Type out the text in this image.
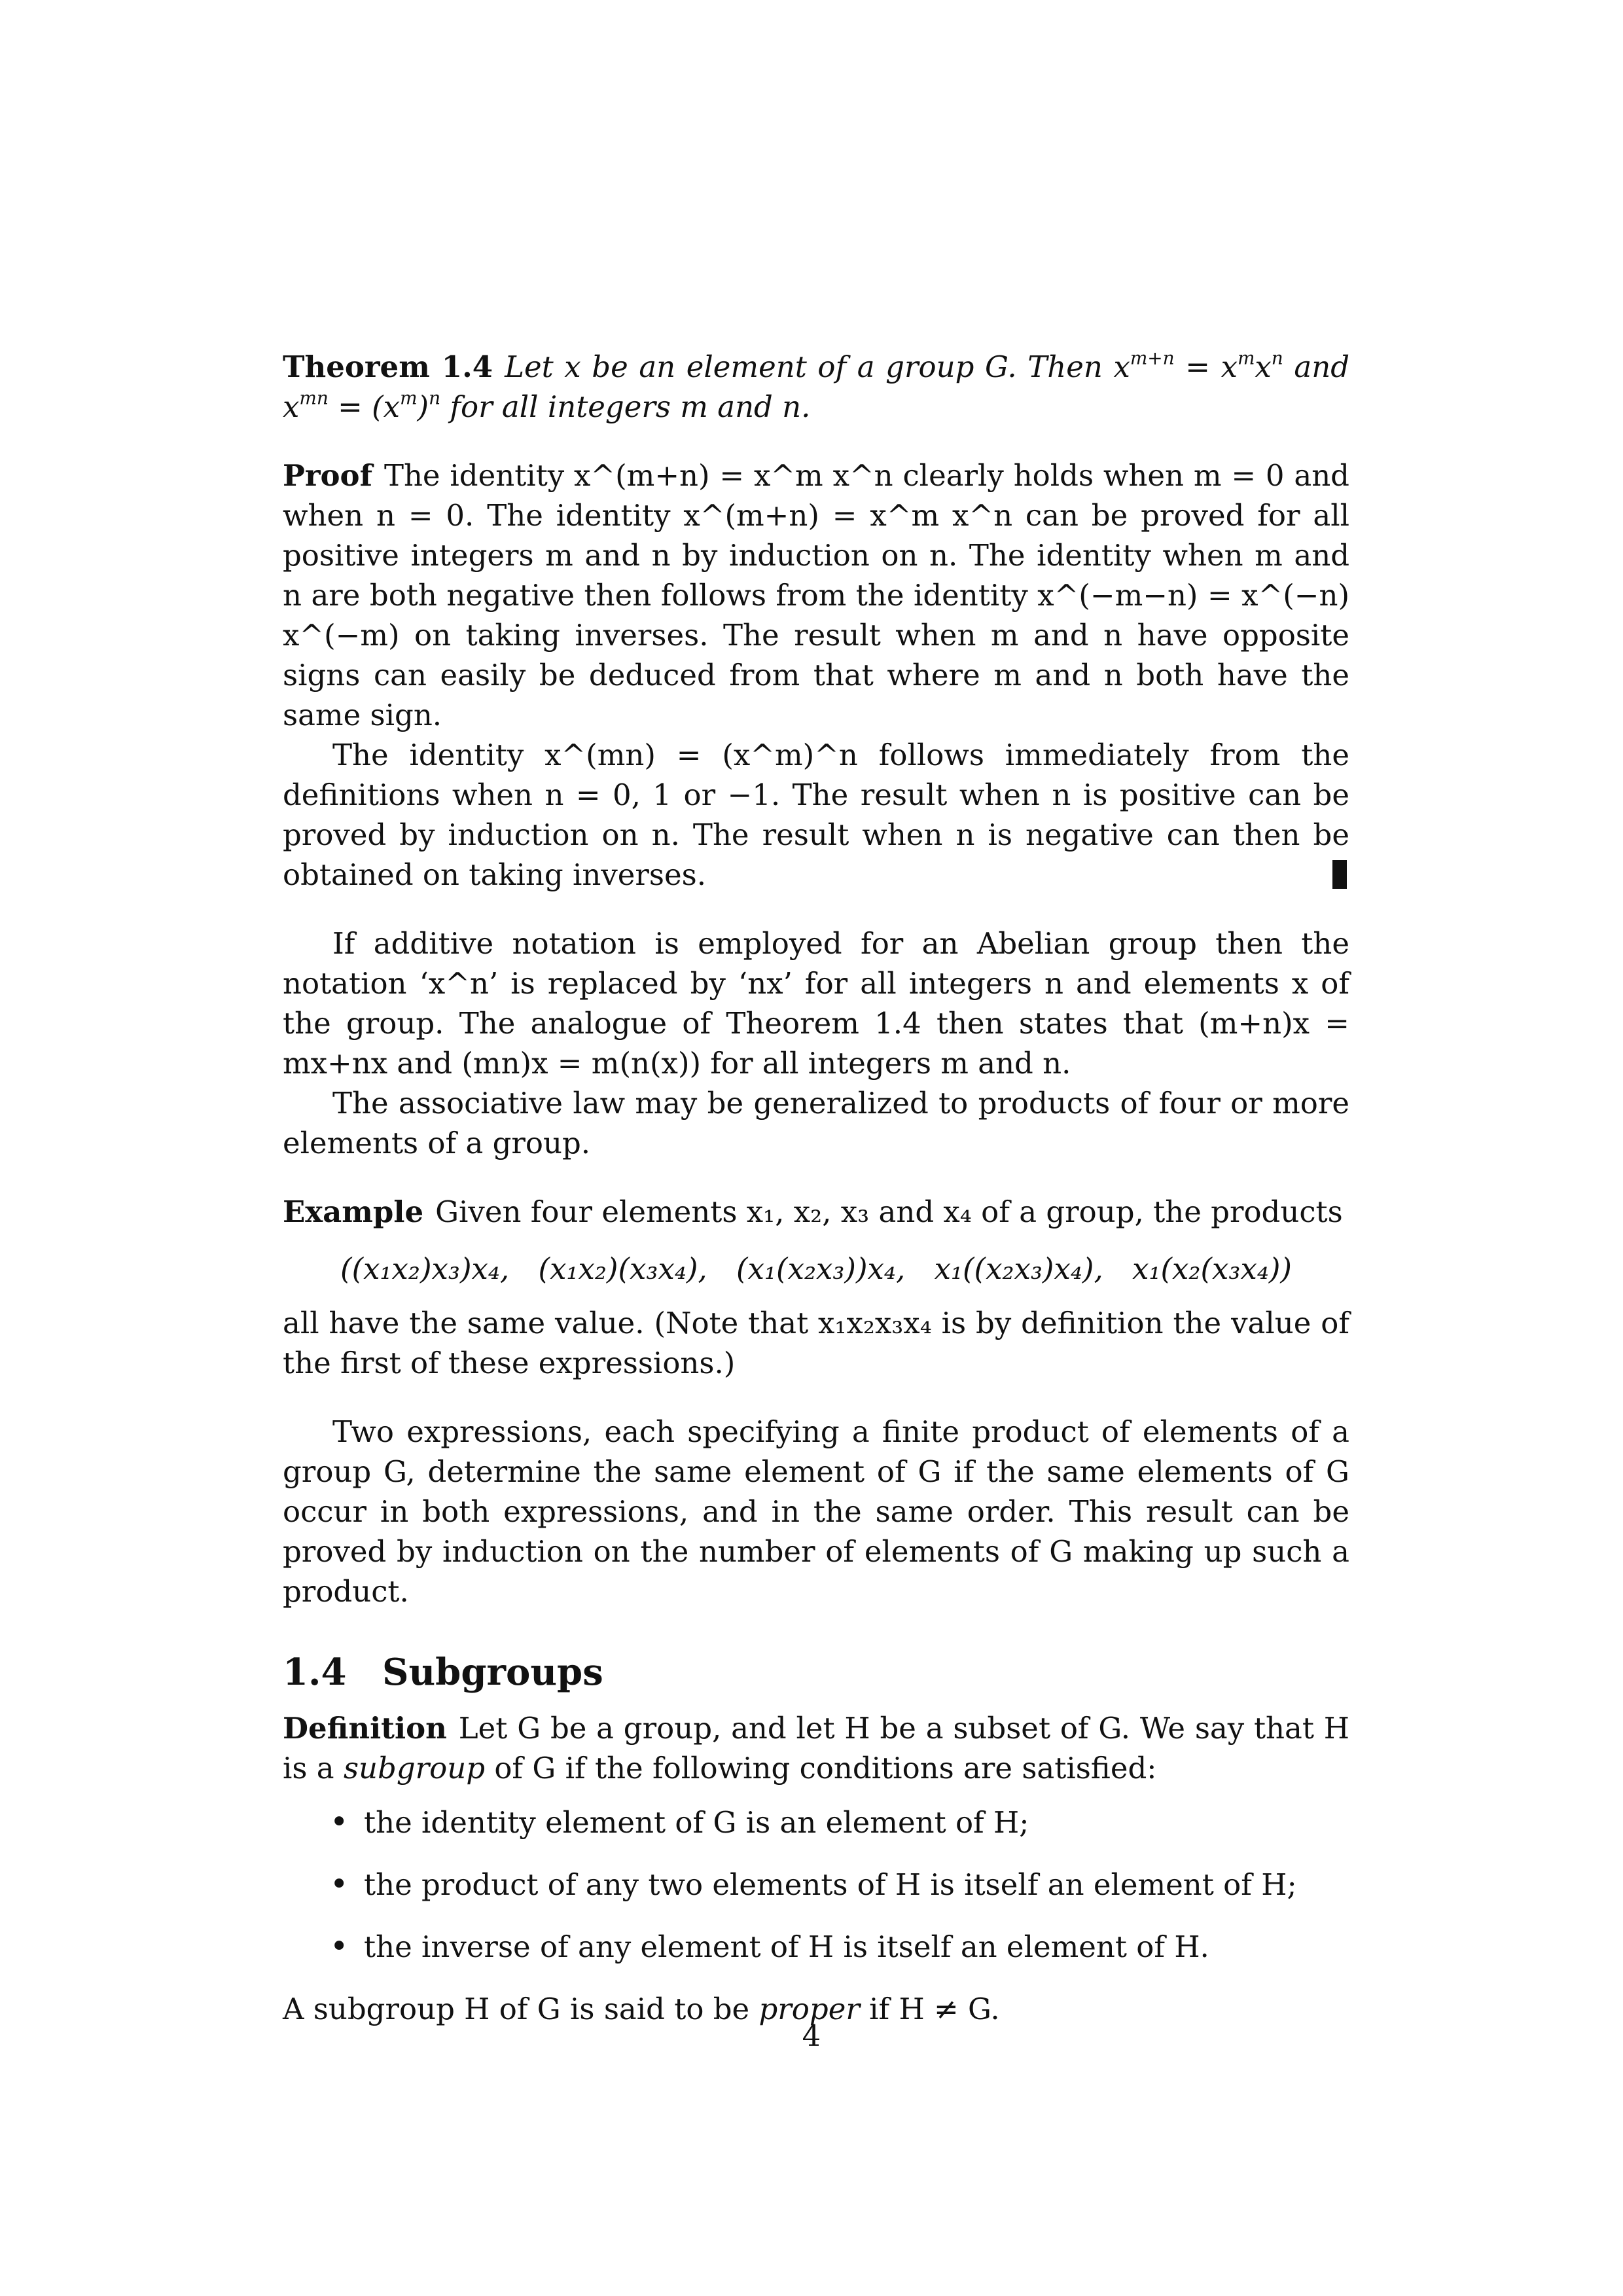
Theorem 1.4 Let x be an element of a group G. Then $x^{m+n} = x^mx^n$ and $x^{mn} = (x^m)^n$ for all integers m and n.

Proof The identity x^(m+n) = x^m x^n clearly holds when m = 0 and when n = 0. The identity x^(m+n) = x^m x^n can be proved for all positive integers m and n by induction on n. The identity when m and n are both negative then follows from the identity x^(−m−n) = x^(−n) x^(−m) on taking inverses. The result when m and n have opposite signs can easily be deduced from that where m and n both have the same sign.

The identity x^(mn) = (x^m)^n follows immediately from the definitions when n = 0, 1 or −1. The result when n is positive can be proved by induction on n. The result when n is negative can then be obtained on taking inverses.

If additive notation is employed for an Abelian group then the notation ‘x^n’ is replaced by ‘nx’ for all integers n and elements x of the group. The analogue of Theorem 1.4 then states that (m+n)x = mx+nx and (mn)x = m(n(x)) for all integers m and n.

The associative law may be generalized to products of four or more elements of a group.

Example Given four elements x₁, x₂, x₃ and x₄ of a group, the products

((x₁x₂)x₃)x₄, (x₁x₂)(x₃x₄), (x₁(x₂x₃))x₄, x₁((x₂x₃)x₄), x₁(x₂(x₃x₄))

all have the same value. (Note that x₁x₂x₃x₄ is by definition the value of the first of these expressions.)

Two expressions, each specifying a finite product of elements of a group G, determine the same element of G if the same elements of G occur in both expressions, and in the same order. This result can be proved by induction on the number of elements of G making up such a product.

1.4 Subgroups

Definition Let G be a group, and let H be a subset of G. We say that H is a subgroup of G if the following conditions are satisfied:

• the identity element of G is an element of H;
• the product of any two elements of H is itself an element of H;
• the inverse of any element of H is itself an element of H.

A subgroup H of G is said to be proper if H ≠ G.

4
